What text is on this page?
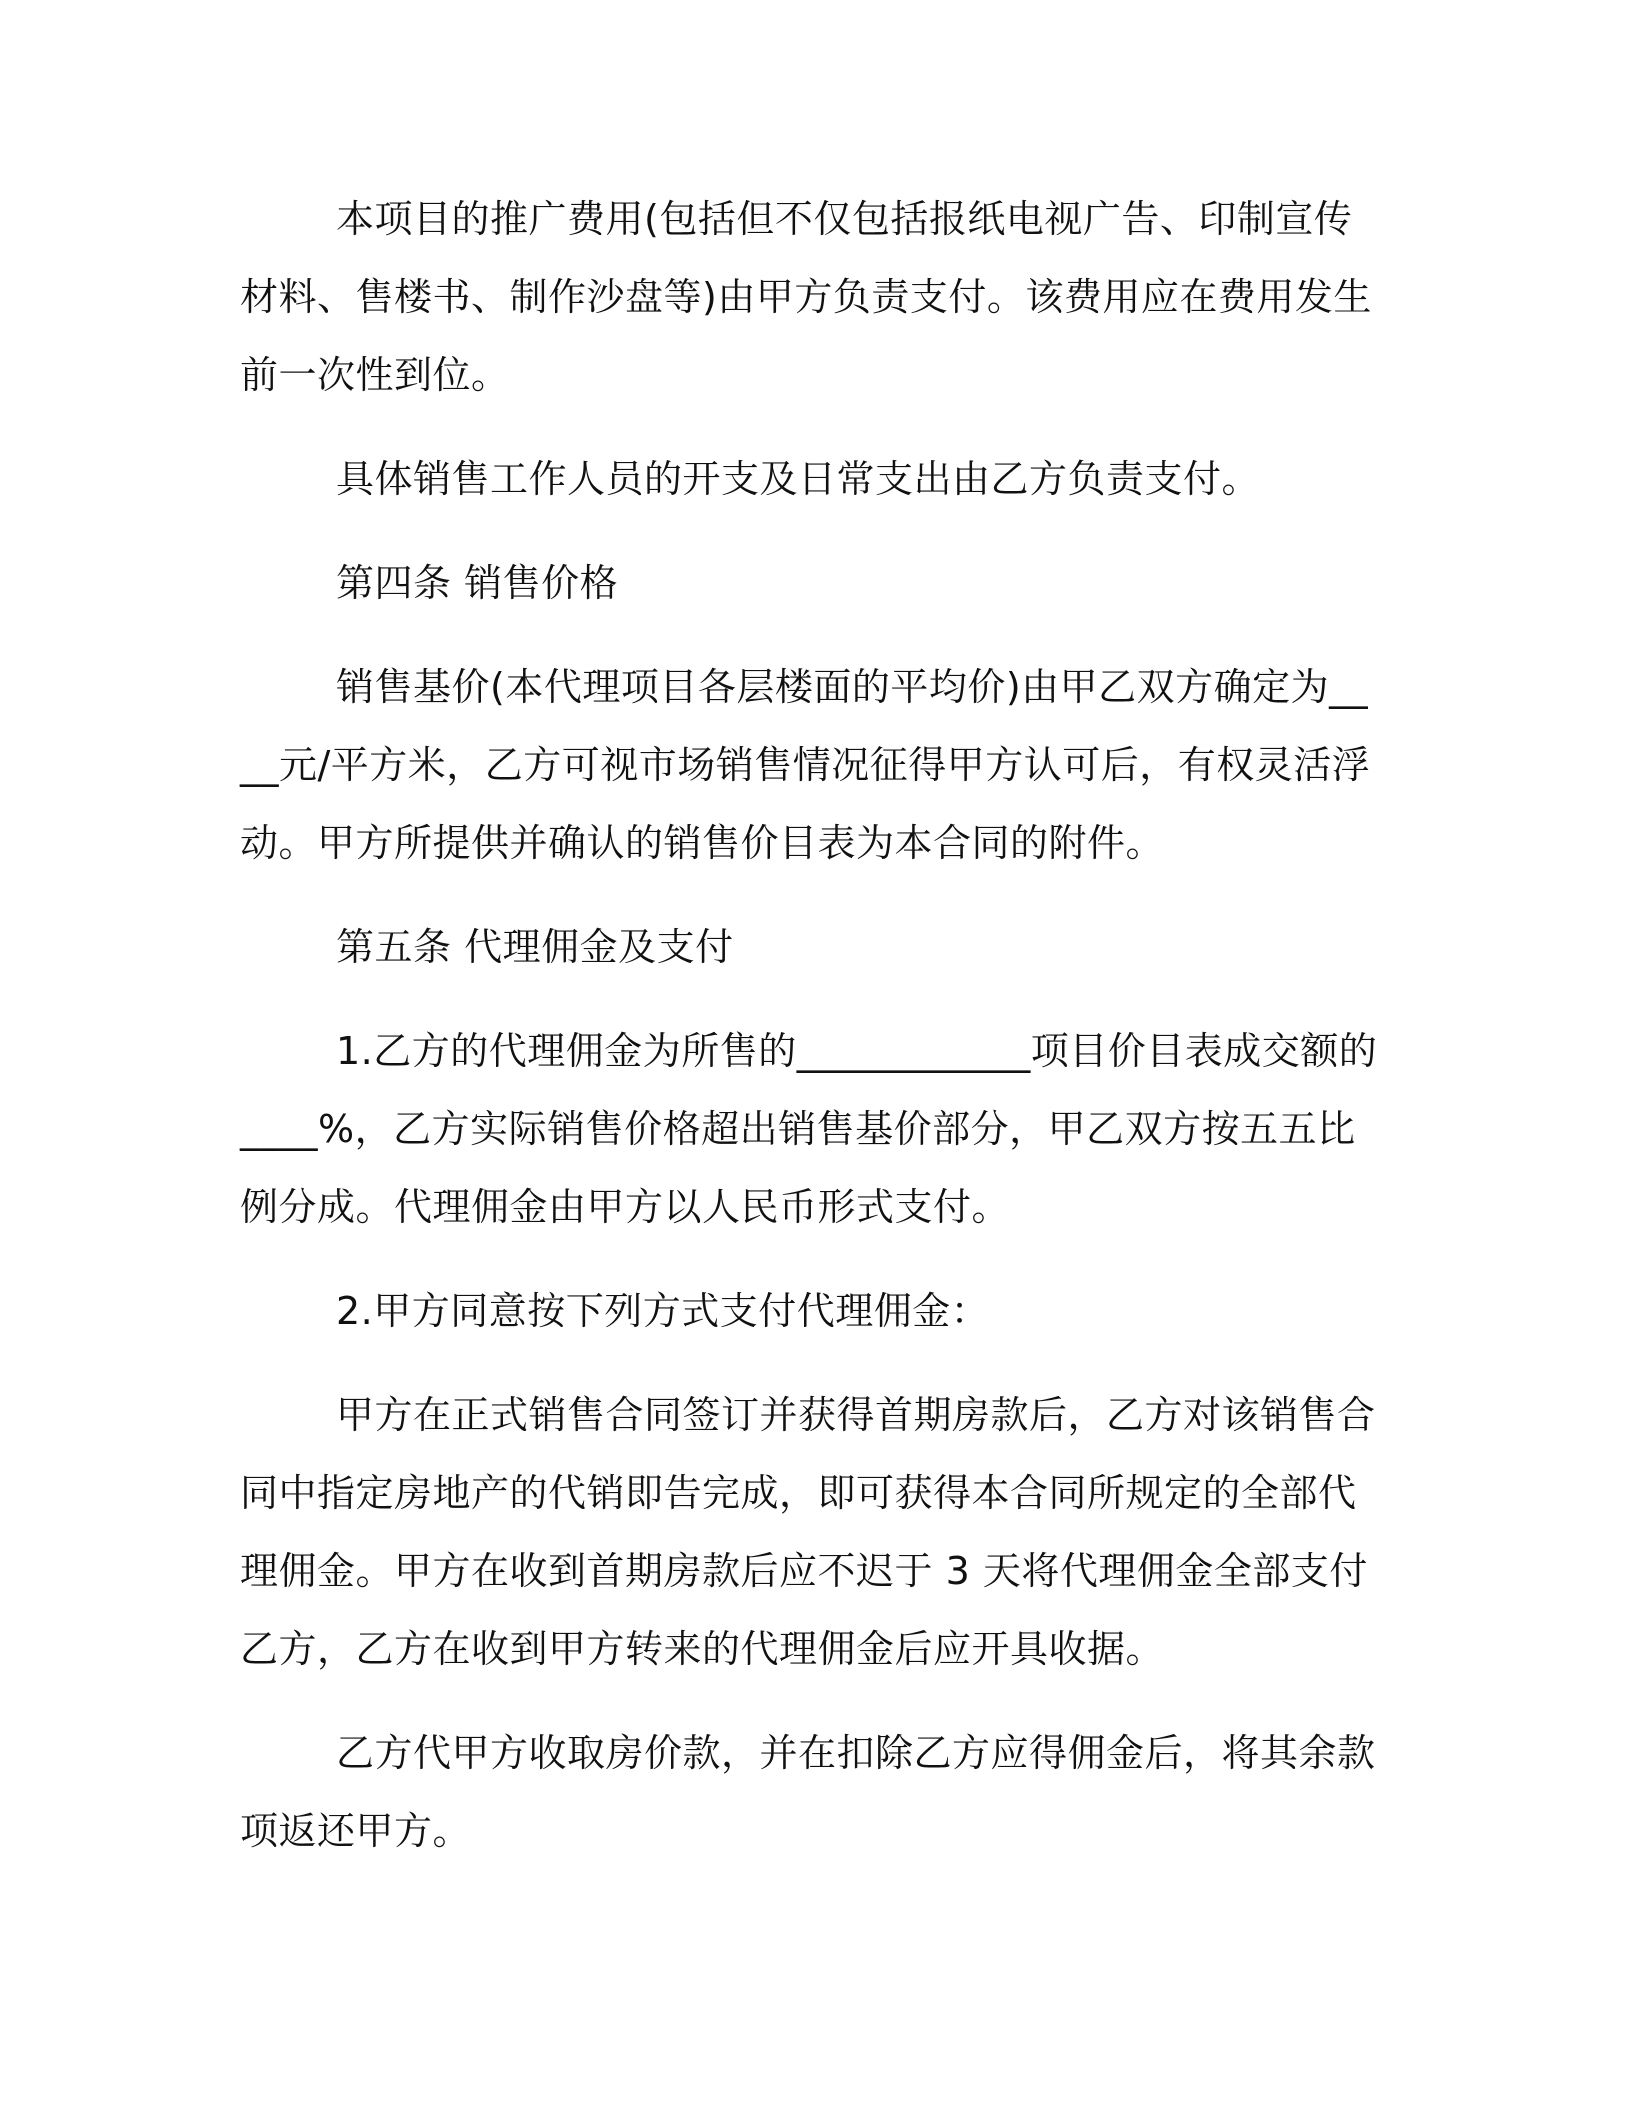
本项目的推广费用(包括但不仅包括报纸电视广告、印制宣传材料、售楼书、制作沙盘等)由甲方负责支付。该费用应在费用发生前一次性到位。

具体销售工作人员的开支及日常支出由乙方负责支付。

第四条 销售价格

销售基价(本代理项目各层楼面的平均价)由甲乙双方确定为____元/平方米，乙方可视市场销售情况征得甲方认可后，有权灵活浮动。甲方所提供并确认的销售价目表为本合同的附件。

第五条 代理佣金及支付

1.乙方的代理佣金为所售的____________项目价目表成交额的____%，乙方实际销售价格超出销售基价部分，甲乙双方按五五比例分成。代理佣金由甲方以人民币形式支付。

2.甲方同意按下列方式支付代理佣金：

甲方在正式销售合同签订并获得首期房款后，乙方对该销售合同中指定房地产的代销即告完成，即可获得本合同所规定的全部代理佣金。甲方在收到首期房款后应不迟于 3 天将代理佣金全部支付乙方，乙方在收到甲方转来的代理佣金后应开具收据。

乙方代甲方收取房价款，并在扣除乙方应得佣金后，将其余款项返还甲方。
